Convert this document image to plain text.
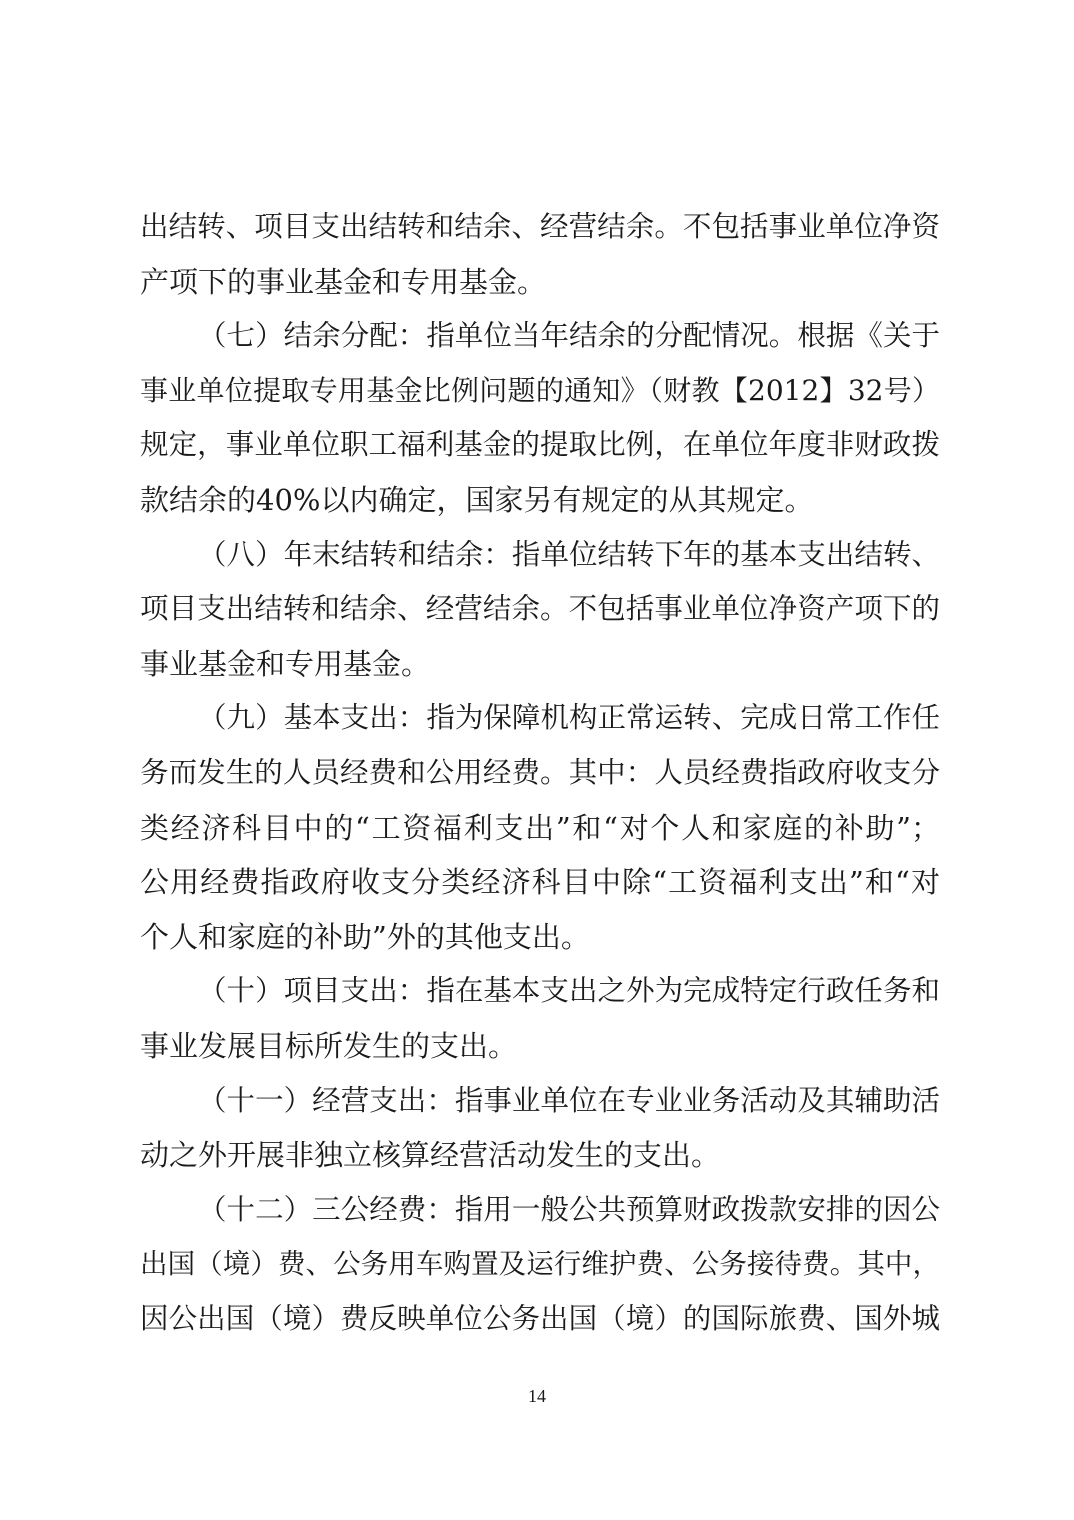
出结转、项目支出结转和结余、经营结余。不包括事业单位净资
产项下的事业基金和专用基金。
（七）结余分配：指单位当年结余的分配情况。根据《关于
事业单位提取专用基金比例问题的通知》（财教【2012】32号）
规定，事业单位职工福利基金的提取比例，在单位年度非财政拨
款结余的40%以内确定，国家另有规定的从其规定。
（八）年末结转和结余：指单位结转下年的基本支出结转、
项目支出结转和结余、经营结余。不包括事业单位净资产项下的
事业基金和专用基金。
（九）基本支出：指为保障机构正常运转、完成日常工作任
务而发生的人员经费和公用经费。其中：人员经费指政府收支分
类经济科目中的“工资福利支出”和“对个人和家庭的补助”；
公用经费指政府收支分类经济科目中除“工资福利支出”和“对
个人和家庭的补助”外的其他支出。
（十）项目支出：指在基本支出之外为完成特定行政任务和
事业发展目标所发生的支出。
（十一）经营支出：指事业单位在专业业务活动及其辅助活
动之外开展非独立核算经营活动发生的支出。
（十二）三公经费：指用一般公共预算财政拨款安排的因公
出国（境）费、公务用车购置及运行维护费、公务接待费。其中，
因公出国（境）费反映单位公务出国（境）的国际旅费、国外城
14
